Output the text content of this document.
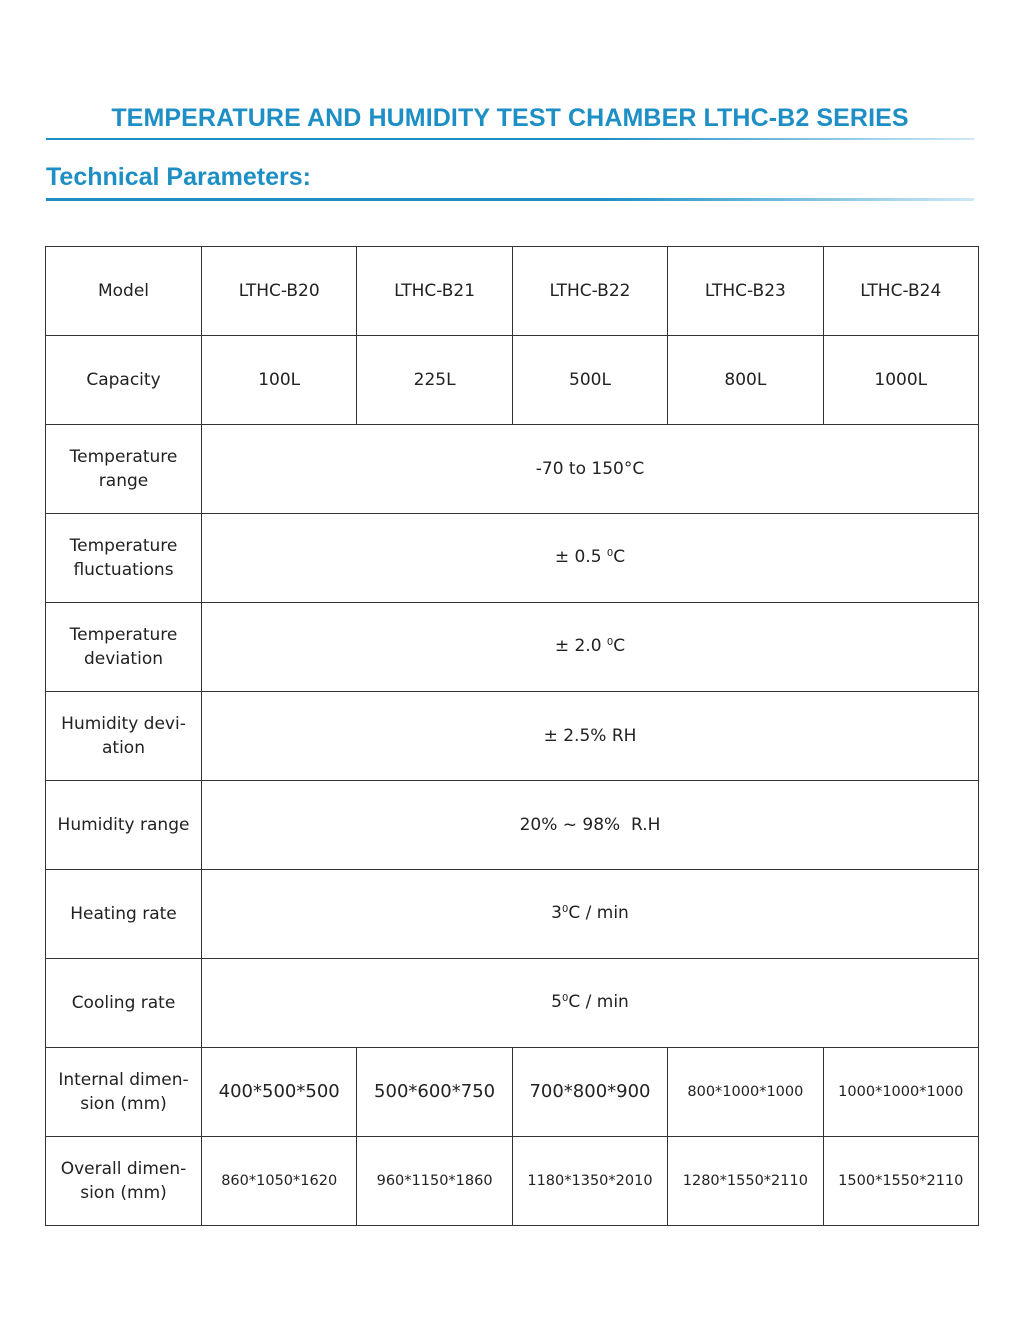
TEMPERATURE AND HUMIDITY TEST CHAMBER LTHC-B2 SERIES
Technical Parameters:
Model	LTHC-B20	LTHC-B21	LTHC-B22	LTHC-B23	LTHC-B24
Capacity	100L	225L	500L	800L	1000L
Temperature
range	-70 to 150°C				
Temperature
fluctuations	± 0.5 $^0$C				
Temperature
deviation	± 2.0 $^0$C				
Humidity devi-
ation	± 2.5% RH				
Humidity range	20% ~ 98%  R.H				
Heating rate	$3^0C$ / min				
Cooling rate	$5^0C$ / min				
Internal dimen-
sion (mm)	400*500*500	500*600*750	700*800*900	800*1000*1000	1000*1000*1000
Overall dimen-
sion (mm)	860*1050*1620	960*1150*1860	1180*1350*2010	1280*1550*2110	1500*1550*2110
